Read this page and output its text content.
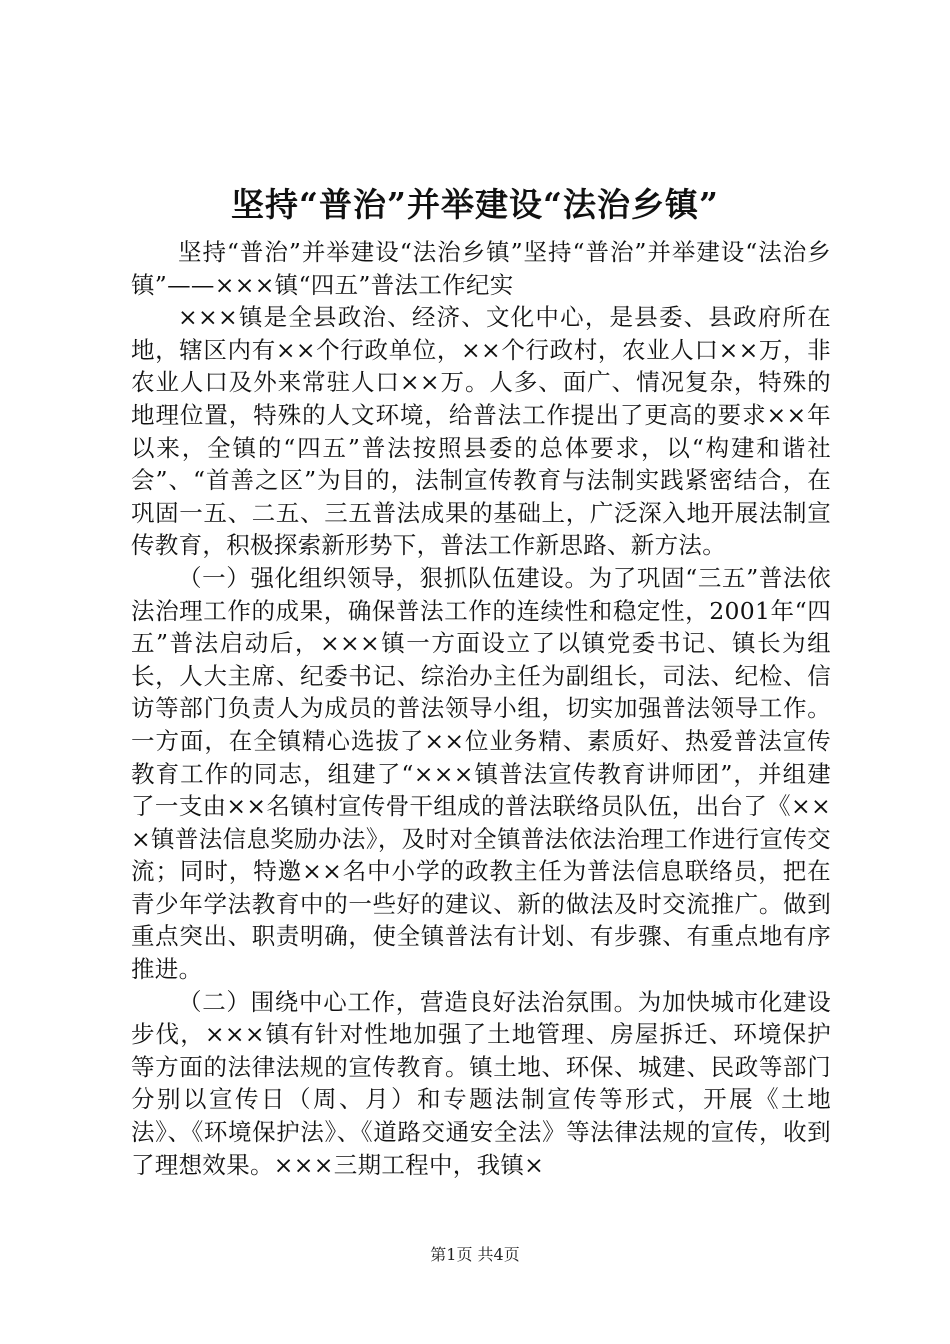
坚持“普治”并举建设“法治乡镇”

坚持“普治”并举建设“法治乡镇”坚持“普治”并举建设“法治乡镇”——×××镇“四五”普法工作纪实

×××镇是全县政治、经济、文化中心，是县委、县政府所在地，辖区内有××个行政单位，××个行政村，农业人口××万，非农业人口及外来常驻人口××万。人多、面广、情况复杂，特殊的地理位置，特殊的人文环境，给普法工作提出了更高的要求××年以来，全镇的“四五”普法按照县委的总体要求，以“构建和谐社会”、“首善之区”为目的，法制宣传教育与法制实践紧密结合，在巩固一五、二五、三五普法成果的基础上，广泛深入地开展法制宣传教育，积极探索新形势下，普法工作新思路、新方法。

（一）强化组织领导，狠抓队伍建设。为了巩固“三五”普法依法治理工作的成果，确保普法工作的连续性和稳定性，2001年“四五”普法启动后，×××镇一方面设立了以镇党委书记、镇长为组长，人大主席、纪委书记、综治办主任为副组长，司法、纪检、信访等部门负责人为成员的普法领导小组，切实加强普法领导工作。一方面，在全镇精心选拔了××位业务精、素质好、热爱普法宣传教育工作的同志，组建了“×××镇普法宣传教育讲师团”，并组建了一支由××名镇村宣传骨干组成的普法联络员队伍，出台了《×××镇普法信息奖励办法》，及时对全镇普法依法治理工作进行宣传交流；同时，特邀××名中小学的政教主任为普法信息联络员，把在青少年学法教育中的一些好的建议、新的做法及时交流推广。做到重点突出、职责明确，使全镇普法有计划、有步骤、有重点地有序推进。

（二）围绕中心工作，营造良好法治氛围。为加快城市化建设步伐，×××镇有针对性地加强了土地管理、房屋拆迁、环境保护等方面的法律法规的宣传教育。镇土地、环保、城建、民政等部门分别以宣传日（周、月）和专题法制宣传等形式，开展《土地法》、《环境保护法》、《道路交通安全法》等法律法规的宣传，收到了理想效果。×××三期工程中，我镇×

第1页 共4页
